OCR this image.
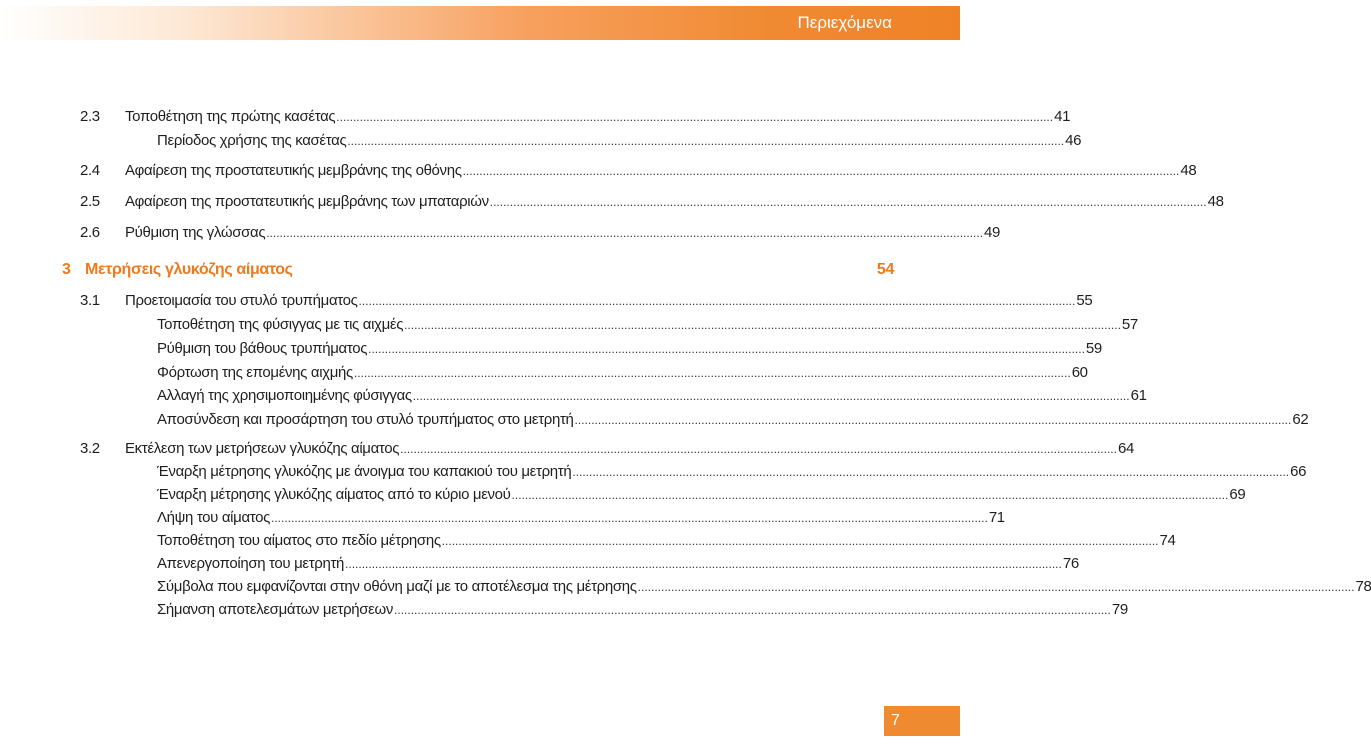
Περιεχόμενα
2.3 Τοποθέτηση της πρώτης κασέτας ....................................................................................................................................................................................................................... 41
Περίοδος χρήσης της κασέτας ....................................................................................................................................................................................................................... 46
2.4 Αφαίρεση της προστατευτικής μεμβράνης της οθόνης ....................................................................................................................................................................................................................... 48
2.5 Αφαίρεση της προστατευτικής μεμβράνης των μπαταριών ....................................................................................................................................................................................................................... 48
2.6 Ρύθμιση της γλώσσας ....................................................................................................................................................................................................................... 49
3 Μετρήσεις γλυκόζης αίματος	54
3.1 Προετοιμασία του στυλό τρυπήματος ....................................................................................................................................................................................................................... 55
Τοποθέτηση της φύσιγγας με τις αιχμές ....................................................................................................................................................................................................................... 57
Ρύθμιση του βάθους τρυπήματος ....................................................................................................................................................................................................................... 59
Φόρτωση της επομένης αιχμής ....................................................................................................................................................................................................................... 60
Αλλαγή της χρησιμοποιημένης φύσιγγας ....................................................................................................................................................................................................................... 61
Αποσύνδεση και προσάρτηση του στυλό τρυπήματος στο μετρητή ....................................................................................................................................................................................................................... 62
3.2 Εκτέλεση των μετρήσεων γλυκόζης αίματος ....................................................................................................................................................................................................................... 64
Έναρξη μέτρησης γλυκόζης με άνοιγμα του καπακιού του μετρητή ....................................................................................................................................................................................................................... 66
Έναρξη μέτρησης γλυκόζης αίματος από το κύριο μενού ....................................................................................................................................................................................................................... 69
Λήψη του αίματος ....................................................................................................................................................................................................................... 71
Τοποθέτηση του αίματος στο πεδίο μέτρησης ....................................................................................................................................................................................................................... 74
Απενεργοποίηση του μετρητή ....................................................................................................................................................................................................................... 76
Σύμβολα που εμφανίζονται στην οθόνη μαζί με το αποτέλεσμα της μέτρησης ....................................................................................................................................................................................................................... 78
Σήμανση αποτελεσμάτων μετρήσεων ....................................................................................................................................................................................................................... 79
7
